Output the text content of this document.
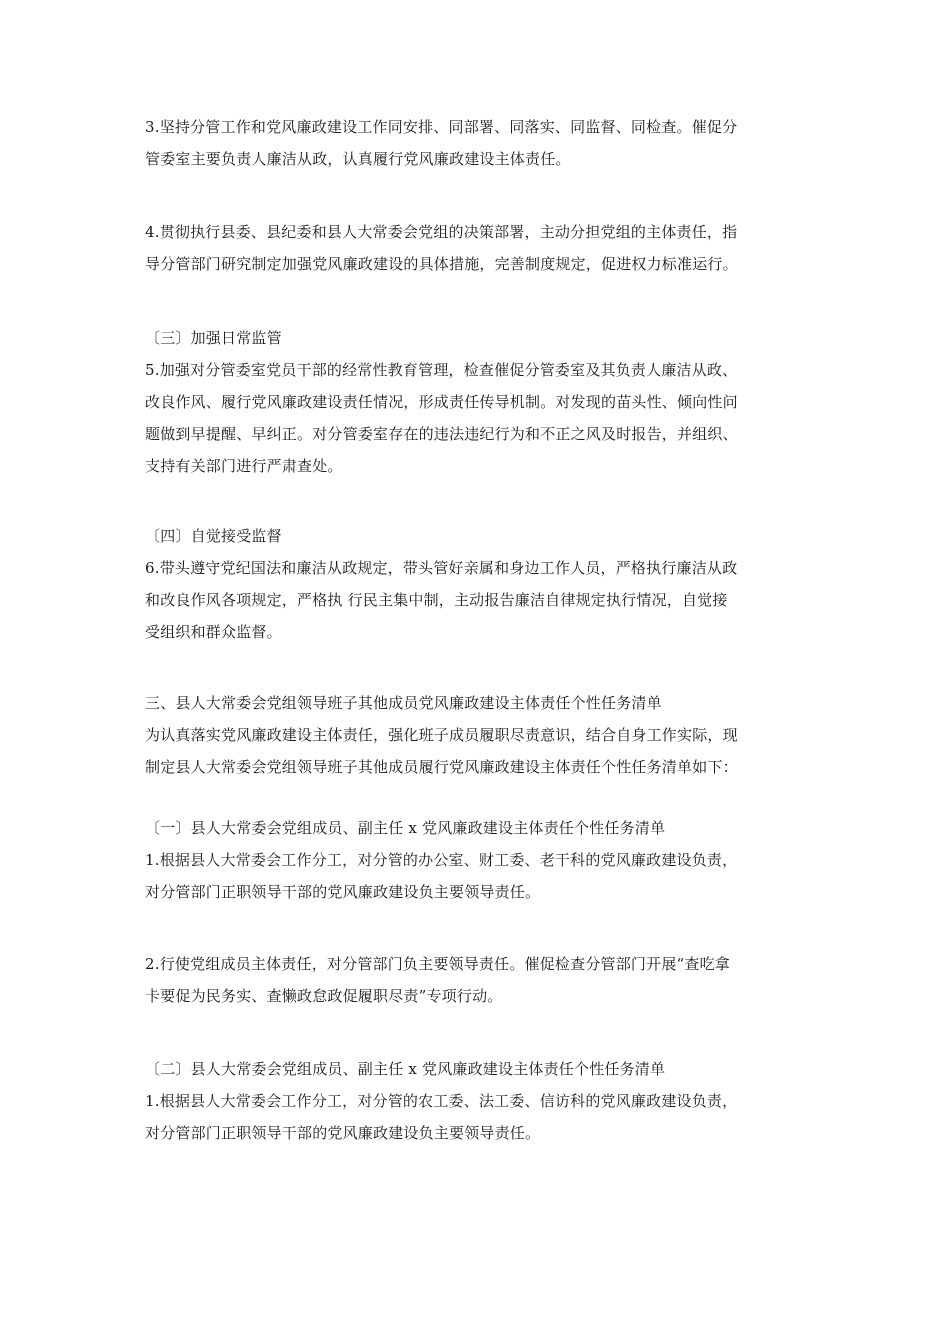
3.坚持分管工作和党风廉政建设工作同安排、同部署、同落实、同监督、同检查。催促分
管委室主要负责人廉洁从政，认真履行党风廉政建设主体责任。
4.贯彻执行县委、县纪委和县人大常委会党组的决策部署，主动分担党组的主体责任，指
导分管部门研究制定加强党风廉政建设的具体措施，完善制度规定，促进权力标准运行。
〔三〕加强日常监管
5.加强对分管委室党员干部的经常性教育管理，检查催促分管委室及其负责人廉洁从政、
改良作风、履行党风廉政建设责任情况，形成责任传导机制。对发现的苗头性、倾向性问
题做到早提醒、早纠正。对分管委室存在的违法违纪行为和不正之风及时报告，并组织、
支持有关部门进行严肃查处。
〔四〕自觉接受监督
6.带头遵守党纪国法和廉洁从政规定，带头管好亲属和身边工作人员，严格执行廉洁从政
和改良作风各项规定，严格执 行民主集中制，主动报告廉洁自律规定执行情况，自觉接
受组织和群众监督。
三、县人大常委会党组领导班子其他成员党风廉政建设主体责任个性任务清单
为认真落实党风廉政建设主体责任，强化班子成员履职尽责意识，结合自身工作实际，现
制定县人大常委会党组领导班子其他成员履行党风廉政建设主体责任个性任务清单如下：
〔一〕县人大常委会党组成员、副主任 x 党风廉政建设主体责任个性任务清单
1.根据县人大常委会工作分工，对分管的办公室、财工委、老干科的党风廉政建设负责，
对分管部门正职领导干部的党风廉政建设负主要领导责任。
2.行使党组成员主体责任，对分管部门负主要领导责任。催促检查分管部门开展“查吃拿
卡要促为民务实、查懒政怠政促履职尽责”专项行动。
〔二〕县人大常委会党组成员、副主任 x 党风廉政建设主体责任个性任务清单
1.根据县人大常委会工作分工，对分管的农工委、法工委、信访科的党风廉政建设负责，
对分管部门正职领导干部的党风廉政建设负主要领导责任。
